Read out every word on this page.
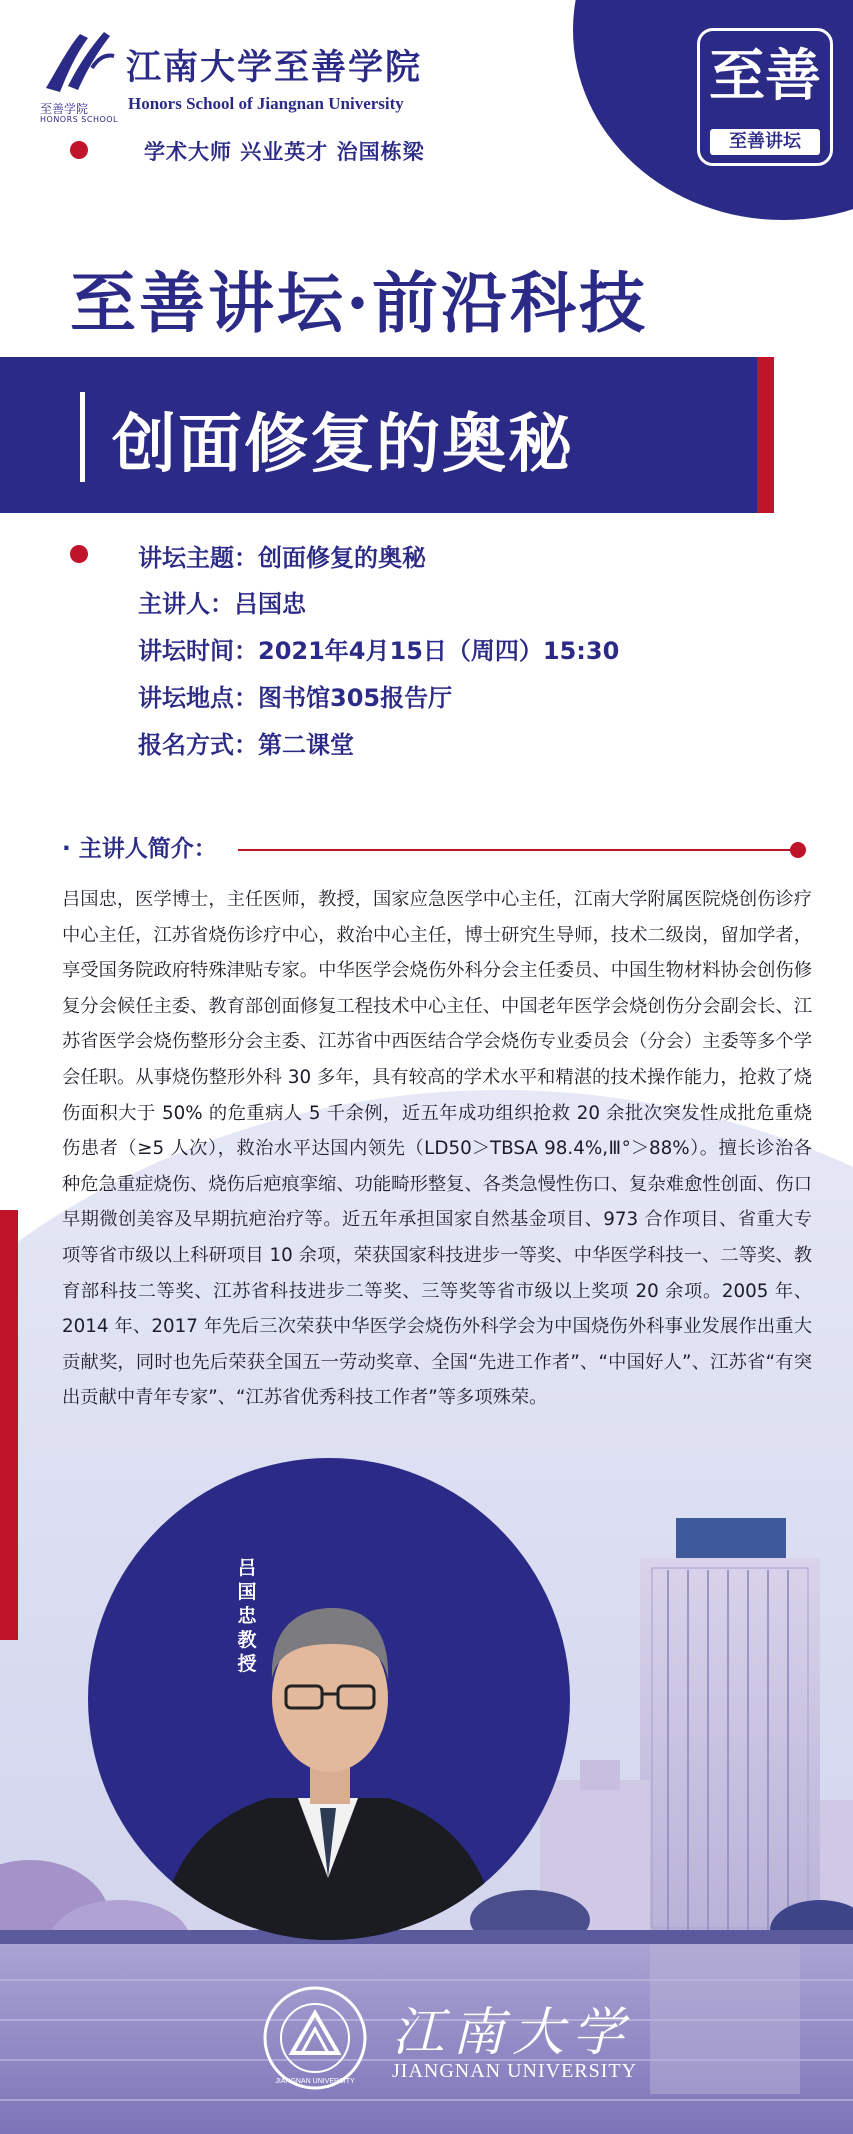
至善
至善讲坛
至善学院
HONORS SCHOOL
江南大学至善学院
Honors School of Jiangnan University
学术大师 兴业英才 治国栋梁
至善讲坛·前沿科技
创面修复的奥秘
讲坛主题：创面修复的奥秘
主讲人：吕国忠
讲坛时间：2021年4月15日（周四）15:30
讲坛地点：图书馆305报告厅
报名方式：第二课堂
· 主讲人简介：
吕国忠，医学博士，主任医师，教授，国家应急医学中心主任，江南大学附属医院烧创伤诊疗中心主任，江苏省烧伤诊疗中心，救治中心主任，博士研究生导师，技术二级岗，留加学者，享受国务院政府特殊津贴专家。中华医学会烧伤外科分会主任委员、中国生物材料协会创伤修复分会候任主委、教育部创面修复工程技术中心主任、中国老年医学会烧创伤分会副会长、江苏省医学会烧伤整形分会主委、江苏省中西医结合学会烧伤专业委员会（分会）主委等多个学会任职。从事烧伤整形外科 30 多年，具有较高的学术水平和精湛的技术操作能力，抢救了烧伤面积大于 50% 的危重病人 5 千余例，近五年成功组织抢救 20 余批次突发性成批危重烧伤患者（≥5 人次），救治水平达国内领先（LD50＞TBSA 98.4%,Ⅲ°＞88%）。擅长诊治各种危急重症烧伤、烧伤后疤痕挛缩、功能畸形整复、各类急慢性伤口、复杂难愈性创面、伤口早期微创美容及早期抗疤治疗等。近五年承担国家自然基金项目、973 合作项目、省重大专项等省市级以上科研项目 10 余项，荣获国家科技进步一等奖、中华医学科技一、二等奖、教育部科技二等奖、江苏省科技进步二等奖、三等奖等省市级以上奖项 20 余项。2005 年、2014 年、2017 年先后三次荣获中华医学会烧伤外科学会为中国烧伤外科事业发展作出重大贡献奖，同时也先后荣获全国五一劳动奖章、全国“先进工作者”、“中国好人”、江苏省“有突出贡献中青年专家”、“江苏省优秀科技工作者”等多项殊荣。
吕国忠 教授
JIANGNAN UNIVERSITY
江南大学
JIANGNAN UNIVERSITY
